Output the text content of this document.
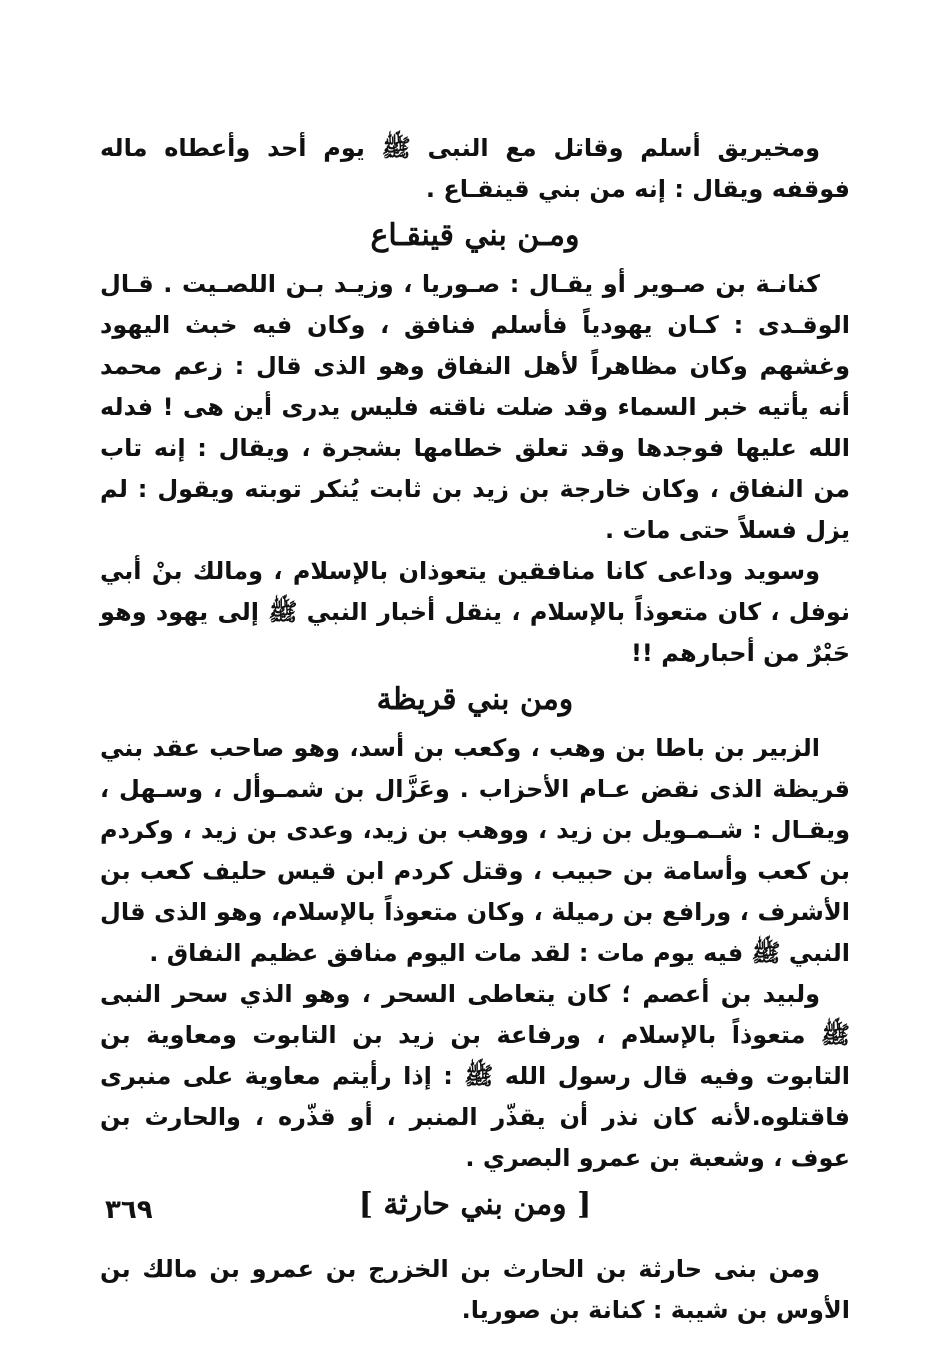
ومخيريق أسلم وقاتل مع النبى ﷺ يوم أحد وأعطاه ماله فوقفه ويقال : إنه من بني قينقـاع .

ومـن بني قينقـاع

كنانـة بن صـوير أو يقـال : صـوريا ، وزيـد بـن اللصـيت . قـال الوقـدى : كـان يهودياً فأسلم فنافق ، وكان فيه خبث اليهود وغشهم وكان مظاهراً لأهل النفاق وهو الذى قال : زعم محمد أنه يأتيه خبر السماء وقد ضلت ناقته فليس يدرى أين هى ! فدله الله عليها فوجدها وقد تعلق خطامها بشجرة ، ويقال : إنه تاب من النفاق ، وكان خارجة بن زيد بن ثابت يُنكر توبته ويقول : لم يزل فسلاً حتى مات .

وسويد وداعى كانا منافقين يتعوذان بالإسلام ، ومالك بنْ أبي نوفل ، كان متعوذاً بالإسلام ، ينقل أخبار النبي ﷺ إلى يهود وهو حَبْرٌ من أحبارهم !!

ومن بني قريظة

الزبير بن باطا بن وهب ، وكعب بن أسد، وهو صاحب عقد بني قريظة الذى نقض عـام الأحزاب . وعَزَّال بن شمـوأل ، وسـهل ، ويقـال : شـمـويل بن زيد ، ووهب بن زيد، وعدى بن زيد ، وكردم بن كعب وأسامة بن حبيب ، وقتل كردم ابن قيس حليف كعب بن الأشرف ، ورافع بن رميلة ، وكان متعوذاً بالإسلام، وهو الذى قال النبي ﷺ فيه يوم مات : لقد مات اليوم منافق عظيم النفاق .

ولبيد بن أعصم ؛ كان يتعاطى السحر ، وهو الذي سحر النبى ﷺ متعوذاً بالإسلام ، ورفاعة بن زيد بن التابوت ومعاوية بن التابوت وفيه قال رسول الله ﷺ : إذا رأيتم معاوية على منبرى فاقتلوه.لأنه كان نذر أن يقذّر المنبر ، أو قذّره ، والحارث بن عوف ، وشعبة بن عمرو البصري .

[ ومن بني حارثة ]

ومن بنى حارثة بن الحارث بن الخزرج بن عمرو بن مالك بن الأوس بن شيبة : كنانة بن صوريا.

٣٦٩
